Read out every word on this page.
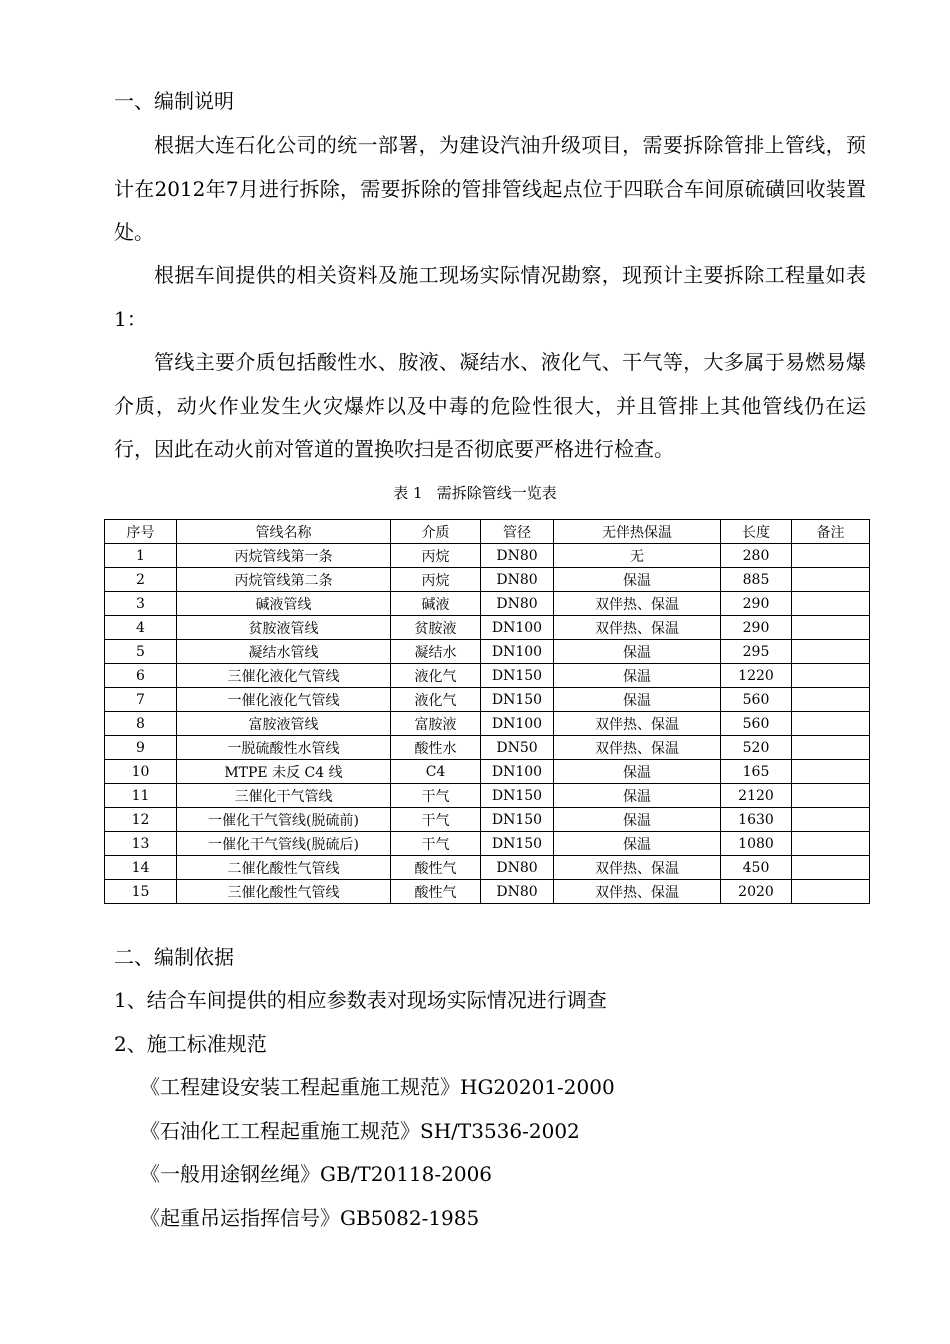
一、编制说明
根据大连石化公司的统一部署，为建设汽油升级项目，需要拆除管排上管线，预计在2012年7月进行拆除，需要拆除的管排管线起点位于四联合车间原硫磺回收装置处。
根据车间提供的相关资料及施工现场实际情况勘察，现预计主要拆除工程量如表1：
管线主要介质包括酸性水、胺液、凝结水、液化气、干气等，大多属于易燃易爆介质，动火作业发生火灾爆炸以及中毒的危险性很大，并且管排上其他管线仍在运行，因此在动火前对管道的置换吹扫是否彻底要严格进行检查。
表 1   需拆除管线一览表
序号	管线名称	介质	管径	无伴热保温	长度	备注
1	丙烷管线第一条	丙烷	DN80	无	280	
2	丙烷管线第二条	丙烷	DN80	保温	885	
3	碱液管线	碱液	DN80	双伴热、保温	290	
4	贫胺液管线	贫胺液	DN100	双伴热、保温	290	
5	凝结水管线	凝结水	DN100	保温	295	
6	三催化液化气管线	液化气	DN150	保温	1220	
7	一催化液化气管线	液化气	DN150	保温	560	
8	富胺液管线	富胺液	DN100	双伴热、保温	560	
9	一脱硫酸性水管线	酸性水	DN50	双伴热、保温	520	
10	MTPE 未反 C4 线	C4	DN100	保温	165	
11	三催化干气管线	干气	DN150	保温	2120	
12	一催化干气管线(脱硫前)	干气	DN150	保温	1630	
13	一催化干气管线(脱硫后)	干气	DN150	保温	1080	
14	二催化酸性气管线	酸性气	DN80	双伴热、保温	450	
15	三催化酸性气管线	酸性气	DN80	双伴热、保温	2020	
二、编制依据
1、结合车间提供的相应参数表对现场实际情况进行调查
2、施工标准规范
《工程建设安装工程起重施工规范》HG20201-2000
《石油化工工程起重施工规范》SH/T3536-2002
《一般用途钢丝绳》GB/T20118-2006
《起重吊运指挥信号》GB5082-1985
